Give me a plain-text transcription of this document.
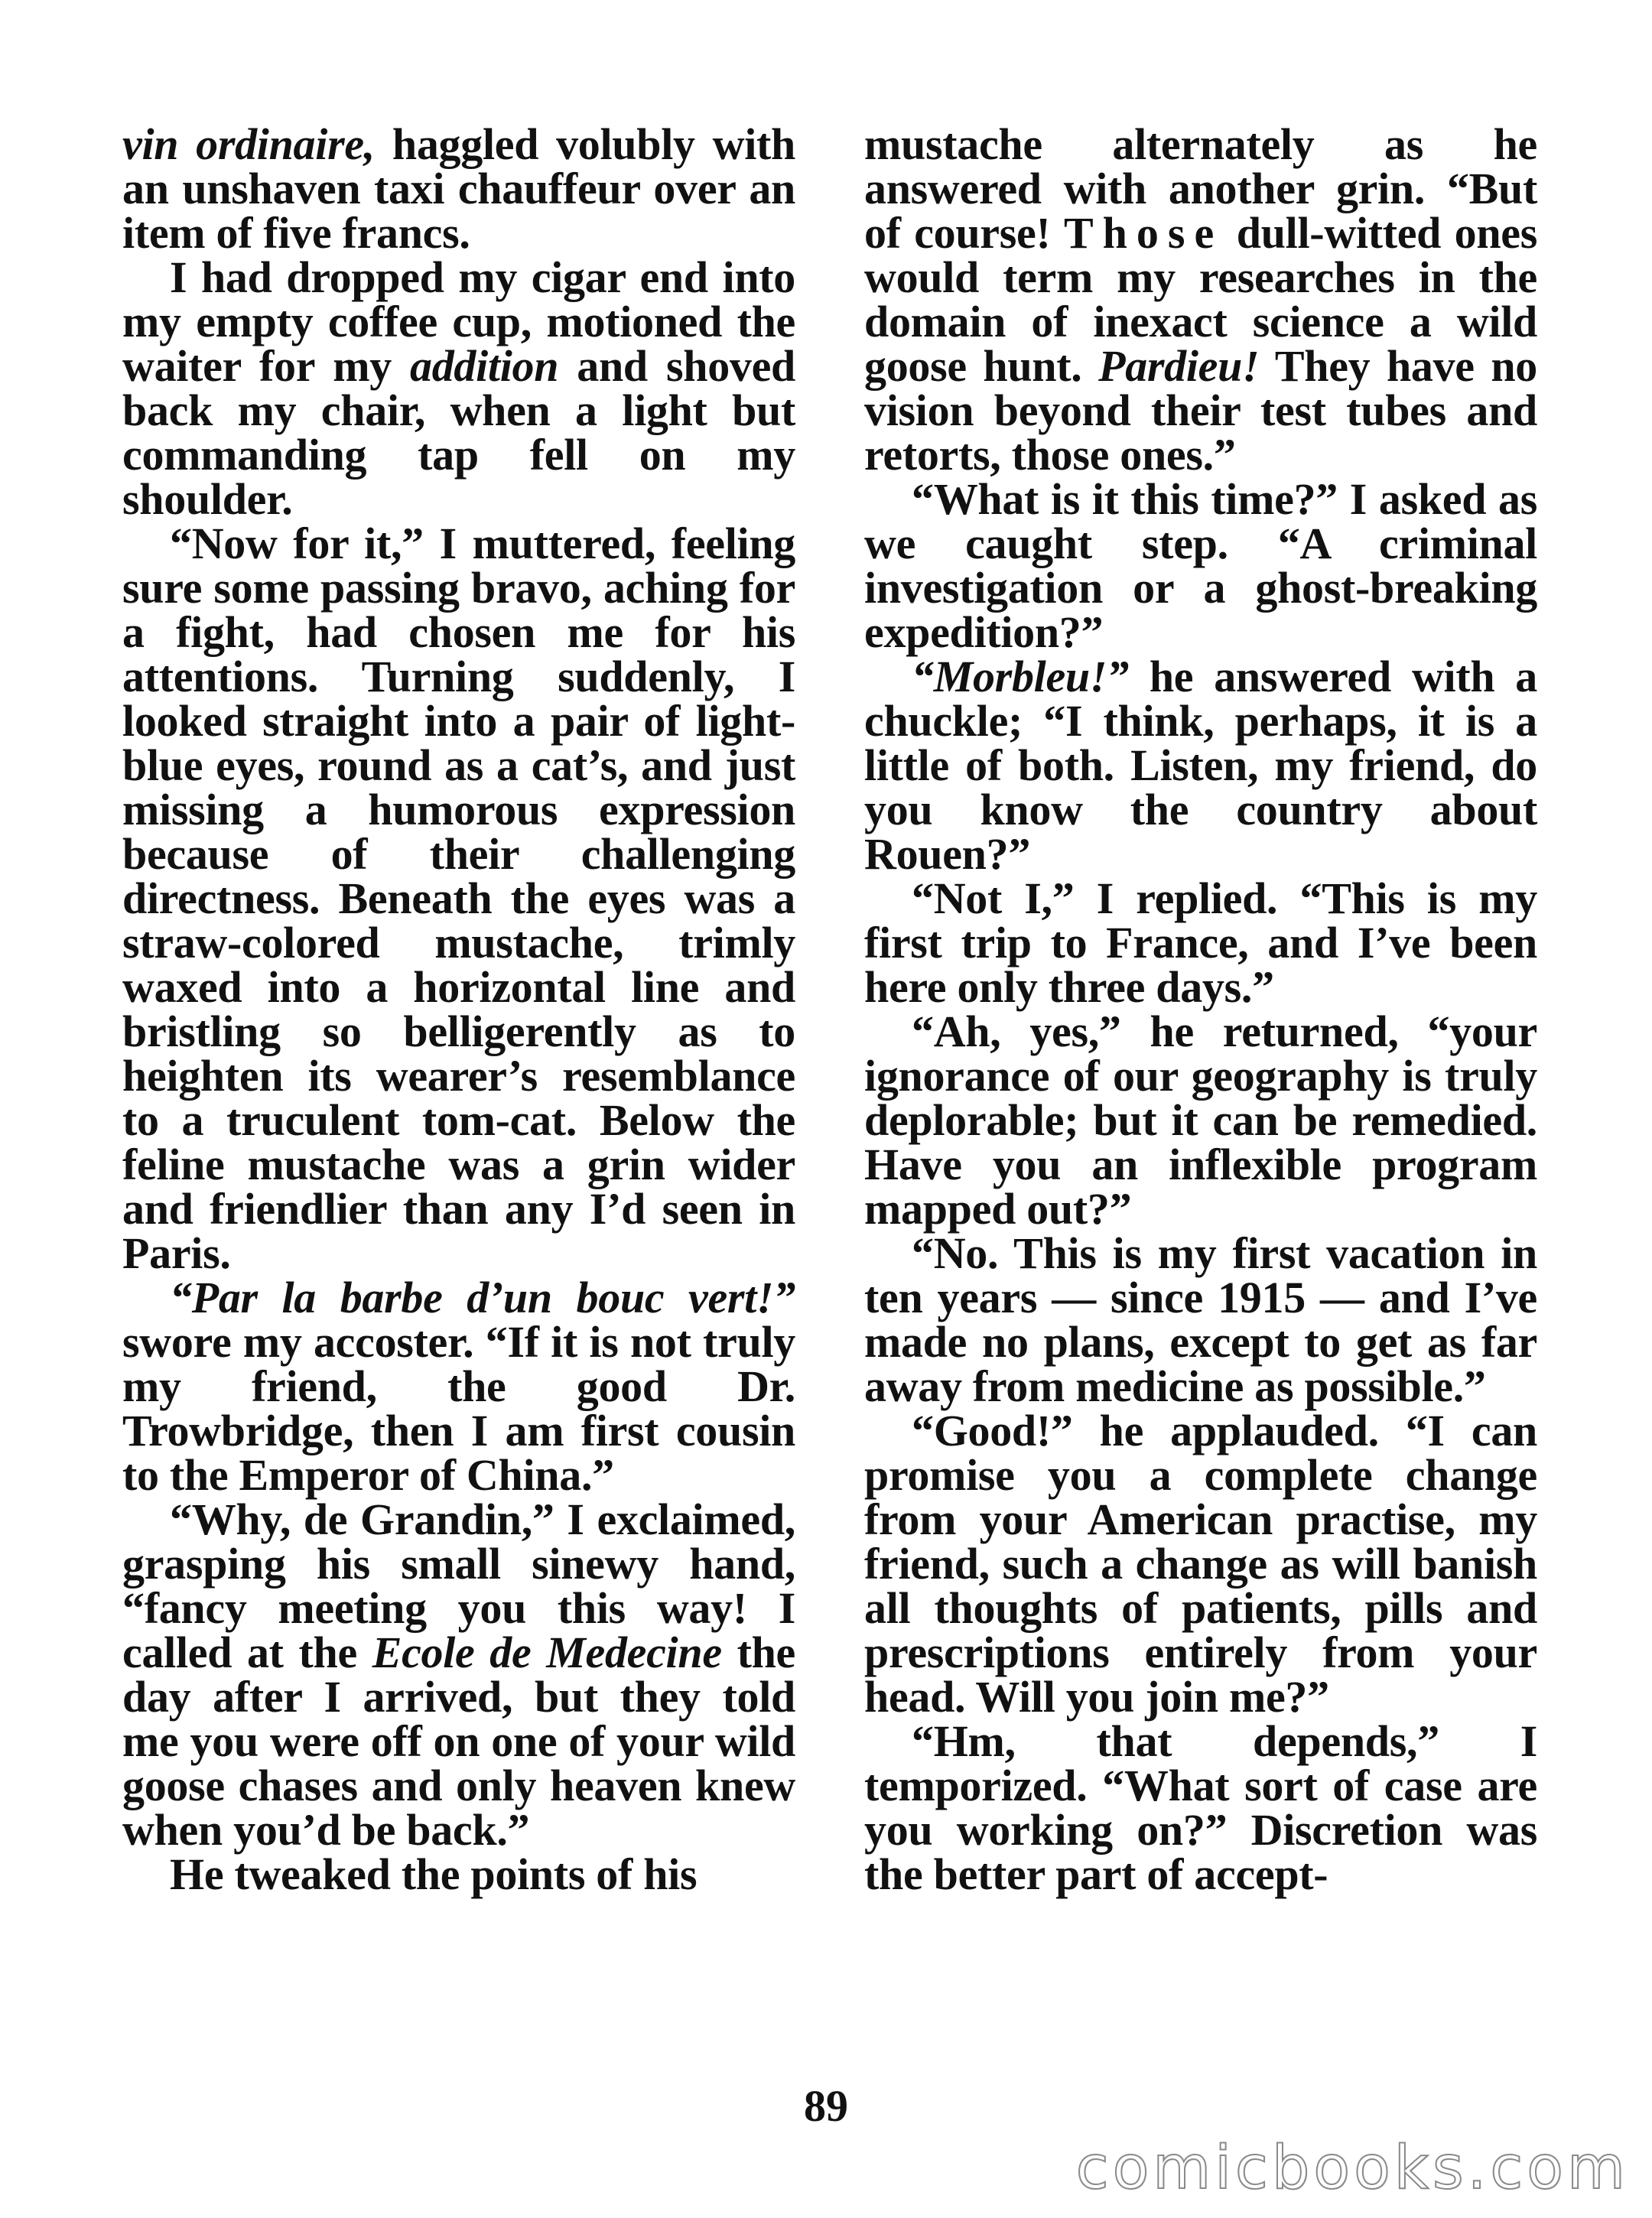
vin ordinaire, haggled volubly with an unshaven taxi chauffeur over an item of five francs.

I had dropped my cigar end into my empty coffee cup, motioned the waiter for my addition and shoved back my chair, when a light but commanding tap fell on my shoulder.

“Now for it,” I muttered, feeling sure some passing bravo, aching for a fight, had chosen me for his attentions. Turning suddenly, I looked straight into a pair of light-blue eyes, round as a cat’s, and just missing a humorous expression because of their challenging directness. Beneath the eyes was a straw-colored mustache, trimly waxed into a horizontal line and bristling so belligerently as to heighten its wearer’s resemblance to a truculent tom-cat. Below the feline mustache was a grin wider and friendlier than any I’d seen in Paris.

“Par la barbe d’un bouc vert!” swore my accoster. “If it is not truly my friend, the good Dr. Trowbridge, then I am first cousin to the Emperor of China.”

“Why, de Grandin,” I exclaimed, grasping his small sinewy hand, “fancy meeting you this way! I called at the Ecole de Medecine the day after I arrived, but they told me you were off on one of your wild goose chases and only heaven knew when you’d be back.”

He tweaked the points of his

mustache alternately as he answered with another grin. “But of course! Those dull-witted ones would term my researches in the domain of inexact science a wild goose hunt. Pardieu! They have no vision beyond their test tubes and retorts, those ones.”

“What is it this time?” I asked as we caught step. “A criminal investigation or a ghost-breaking expedition?”

“Morbleu!” he answered with a chuckle; “I think, perhaps, it is a little of both. Listen, my friend, do you know the country about Rouen?”

“Not I,” I replied. “This is my first trip to France, and I’ve been here only three days.”

“Ah, yes,” he returned, “your ignorance of our geography is truly deplorable; but it can be remedied. Have you an inflexible program mapped out?”

“No. This is my first vacation in ten years — since 1915 — and I’ve made no plans, except to get as far away from medicine as possible.”

“Good!” he applauded. “I can promise you a complete change from your American practise, my friend, such a change as will banish all thoughts of patients, pills and prescriptions entirely from your head. Will you join me?”

“Hm, that depends,” I temporized. “What sort of case are you working on?” Discretion was the better part of accept-

89
comicbooks.com
